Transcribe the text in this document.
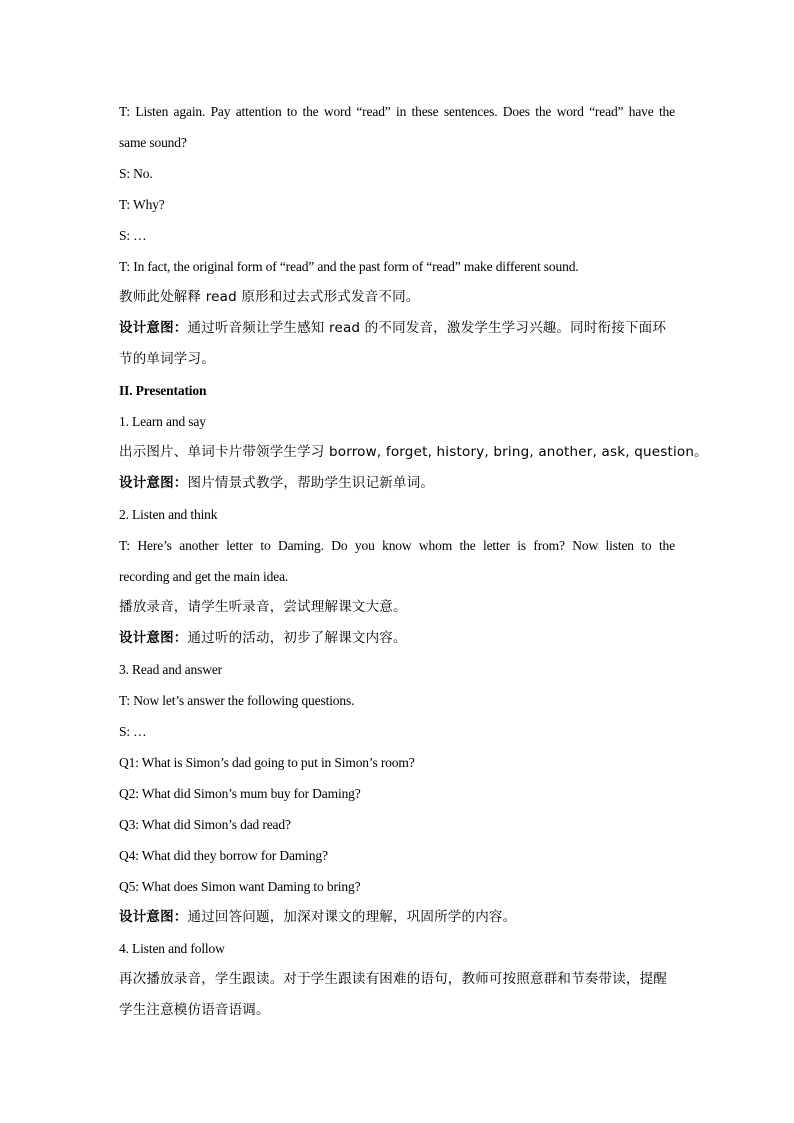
T: Listen again. Pay attention to the word “read” in these sentences. Does the word “read” have the
same sound?
S: No.
T: Why?
S: …
T: In fact, the original form of “read” and the past form of “read” make different sound.
教师此处解释 read 原形和过去式形式发音不同。
设计意图：通过听音频让学生感知 read 的不同发音，激发学生学习兴趣。同时衔接下面环
节的单词学习。
II. Presentation
1. Learn and say
出示图片、单词卡片带领学生学习 borrow, forget, history, bring, another, ask, question。
设计意图：图片情景式教学，帮助学生识记新单词。
2. Listen and think
T: Here’s another letter to Daming. Do you know whom the letter is from? Now listen to the
recording and get the main idea.
播放录音，请学生听录音，尝试理解课文大意。
设计意图：通过听的活动，初步了解课文内容。
3. Read and answer
T: Now let’s answer the following questions.
S: …
Q1: What is Simon’s dad going to put in Simon’s room?
Q2: What did Simon’s mum buy for Daming?
Q3: What did Simon’s dad read?
Q4: What did they borrow for Daming?
Q5: What does Simon want Daming to bring?
设计意图：通过回答问题，加深对课文的理解，巩固所学的内容。
4. Listen and follow
再次播放录音，学生跟读。对于学生跟读有困难的语句，教师可按照意群和节奏带读，提醒
学生注意模仿语音语调。
